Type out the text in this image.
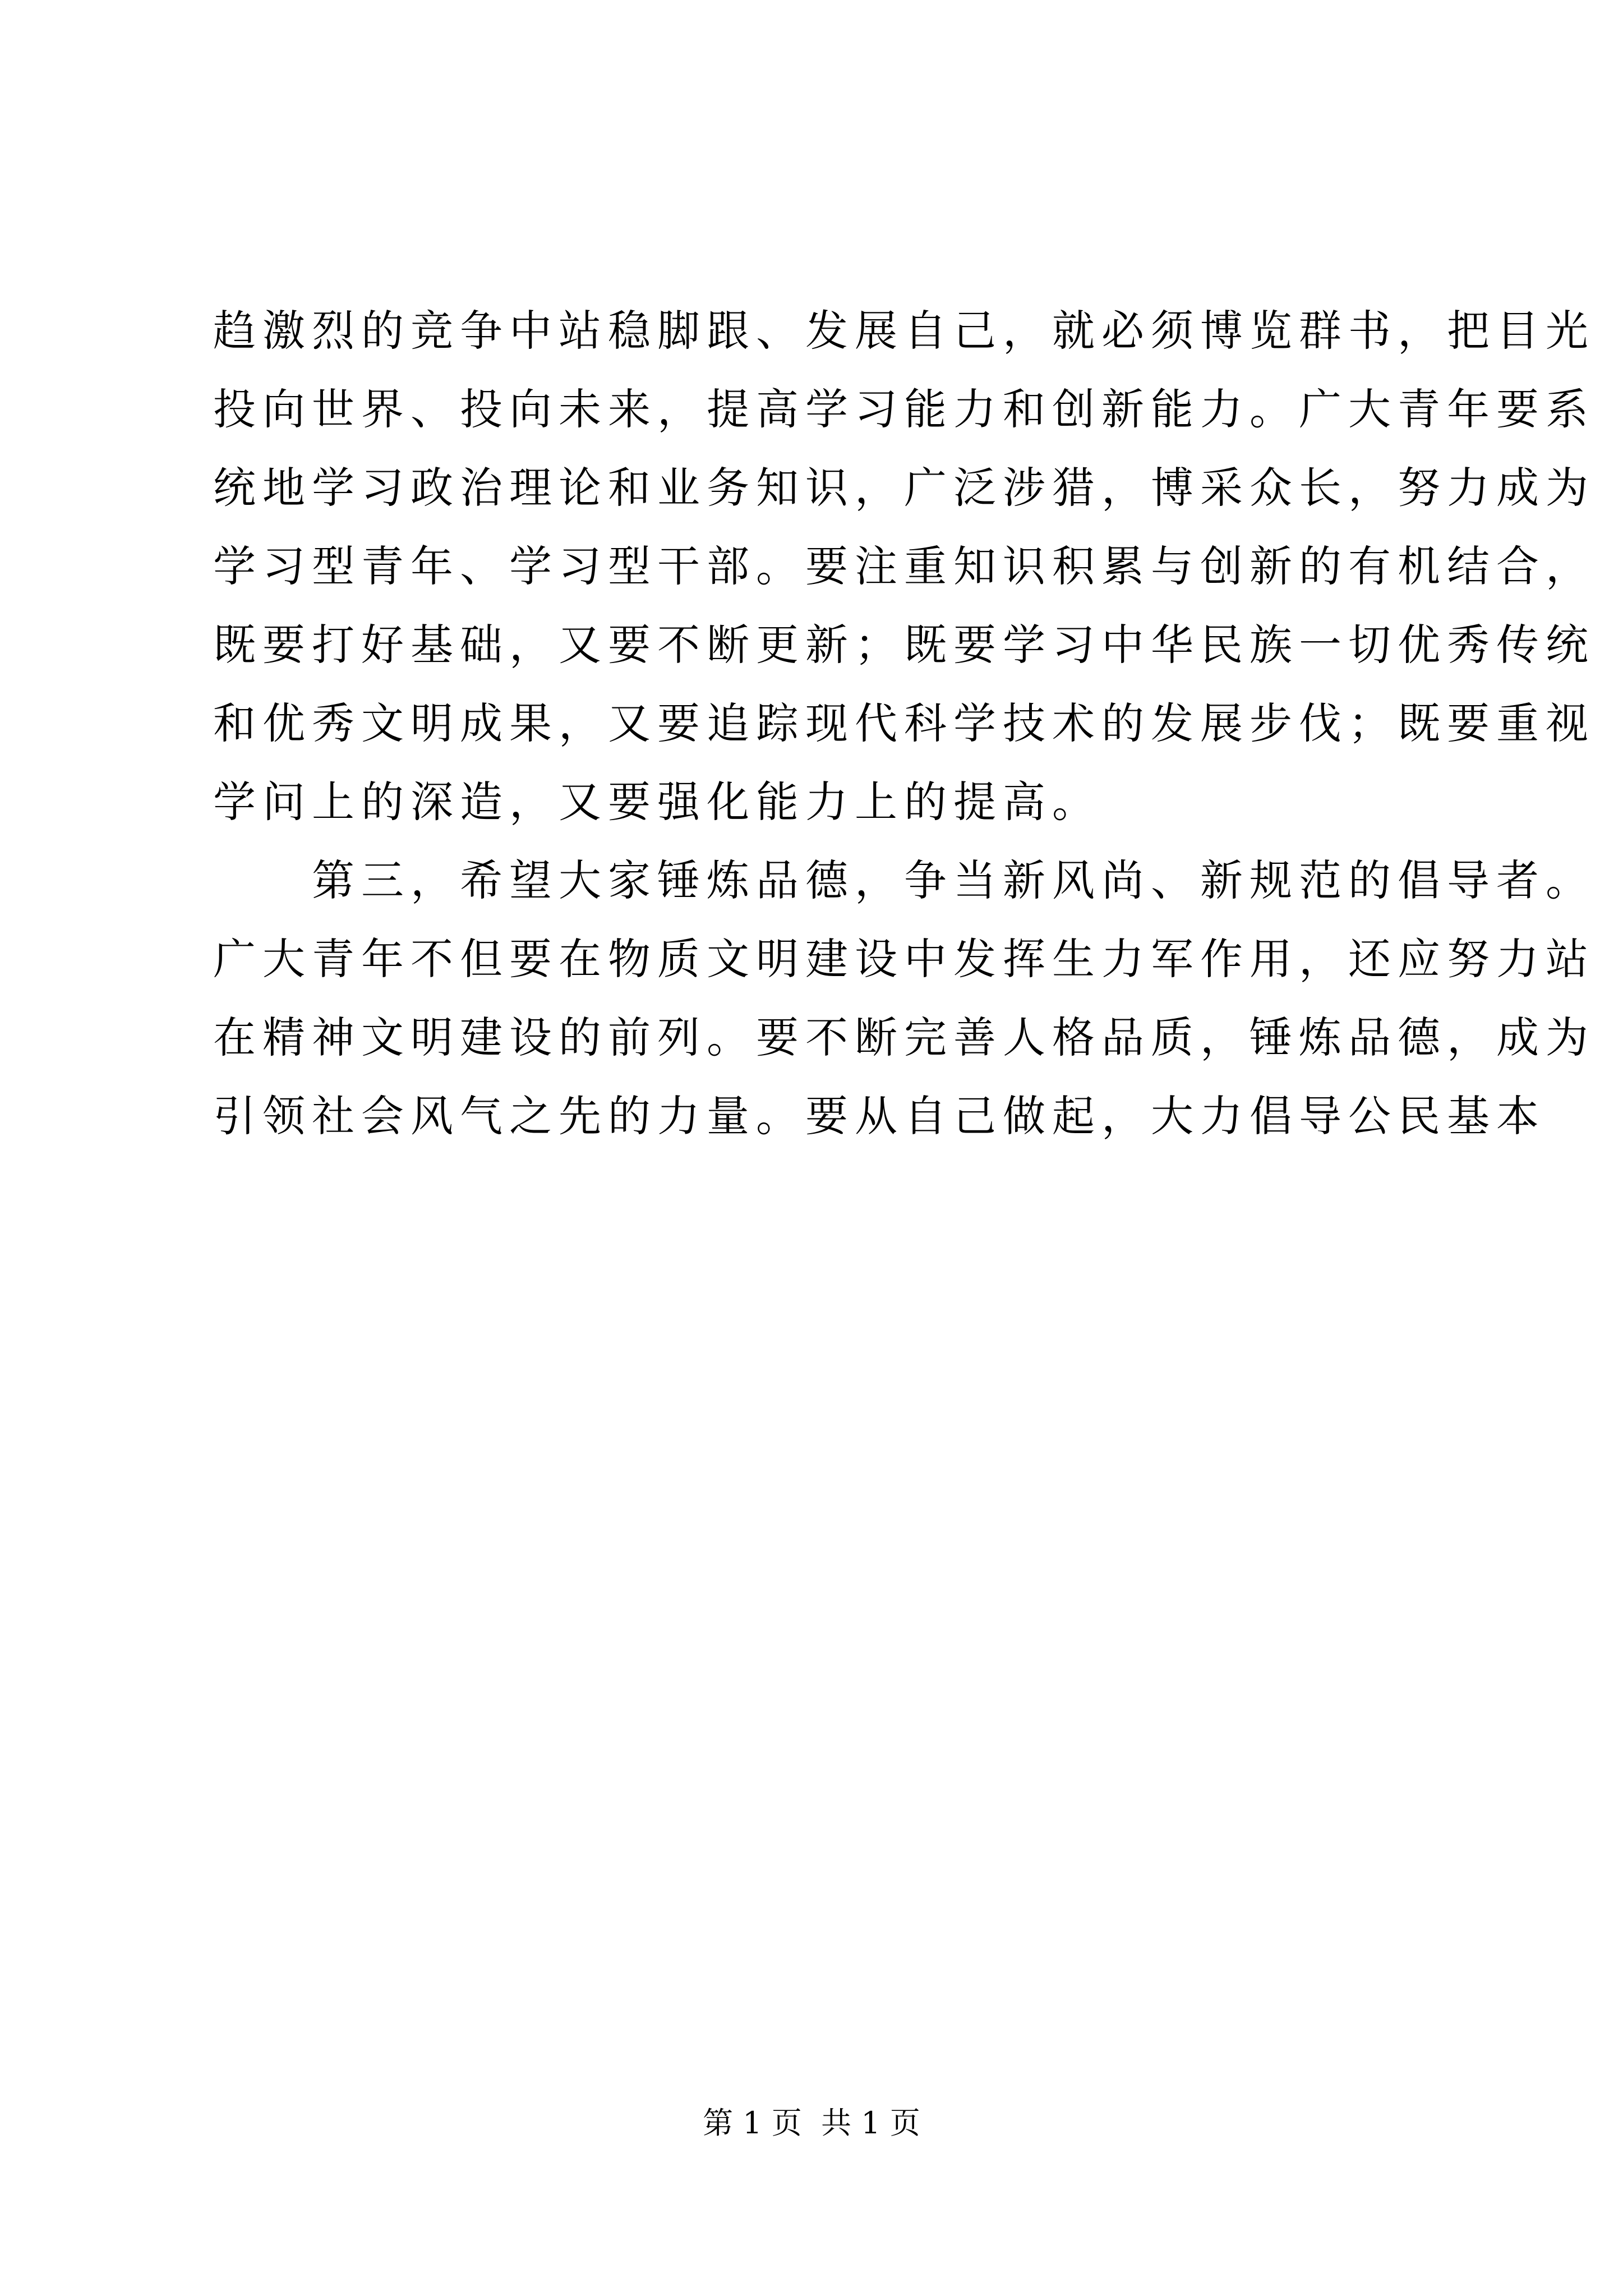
趋激烈的竞争中站稳脚跟、发展自己，就必须博览群书，把目光
投向世界、投向未来，提高学习能力和创新能力。广大青年要系
统地学习政治理论和业务知识，广泛涉猎，博采众长，努力成为
学习型青年、学习型干部。要注重知识积累与创新的有机结合，
既要打好基础，又要不断更新；既要学习中华民族一切优秀传统
和优秀文明成果，又要追踪现代科学技术的发展步伐；既要重视
学问上的深造，又要强化能力上的提高。
　　第三，希望大家锤炼品德，争当新风尚、新规范的倡导者。
广大青年不但要在物质文明建设中发挥生力军作用，还应努力站
在精神文明建设的前列。要不断完善人格品质，锤炼品德，成为
引领社会风气之先的力量。要从自己做起，大力倡导公民基本
第 1 页  共 1 页
